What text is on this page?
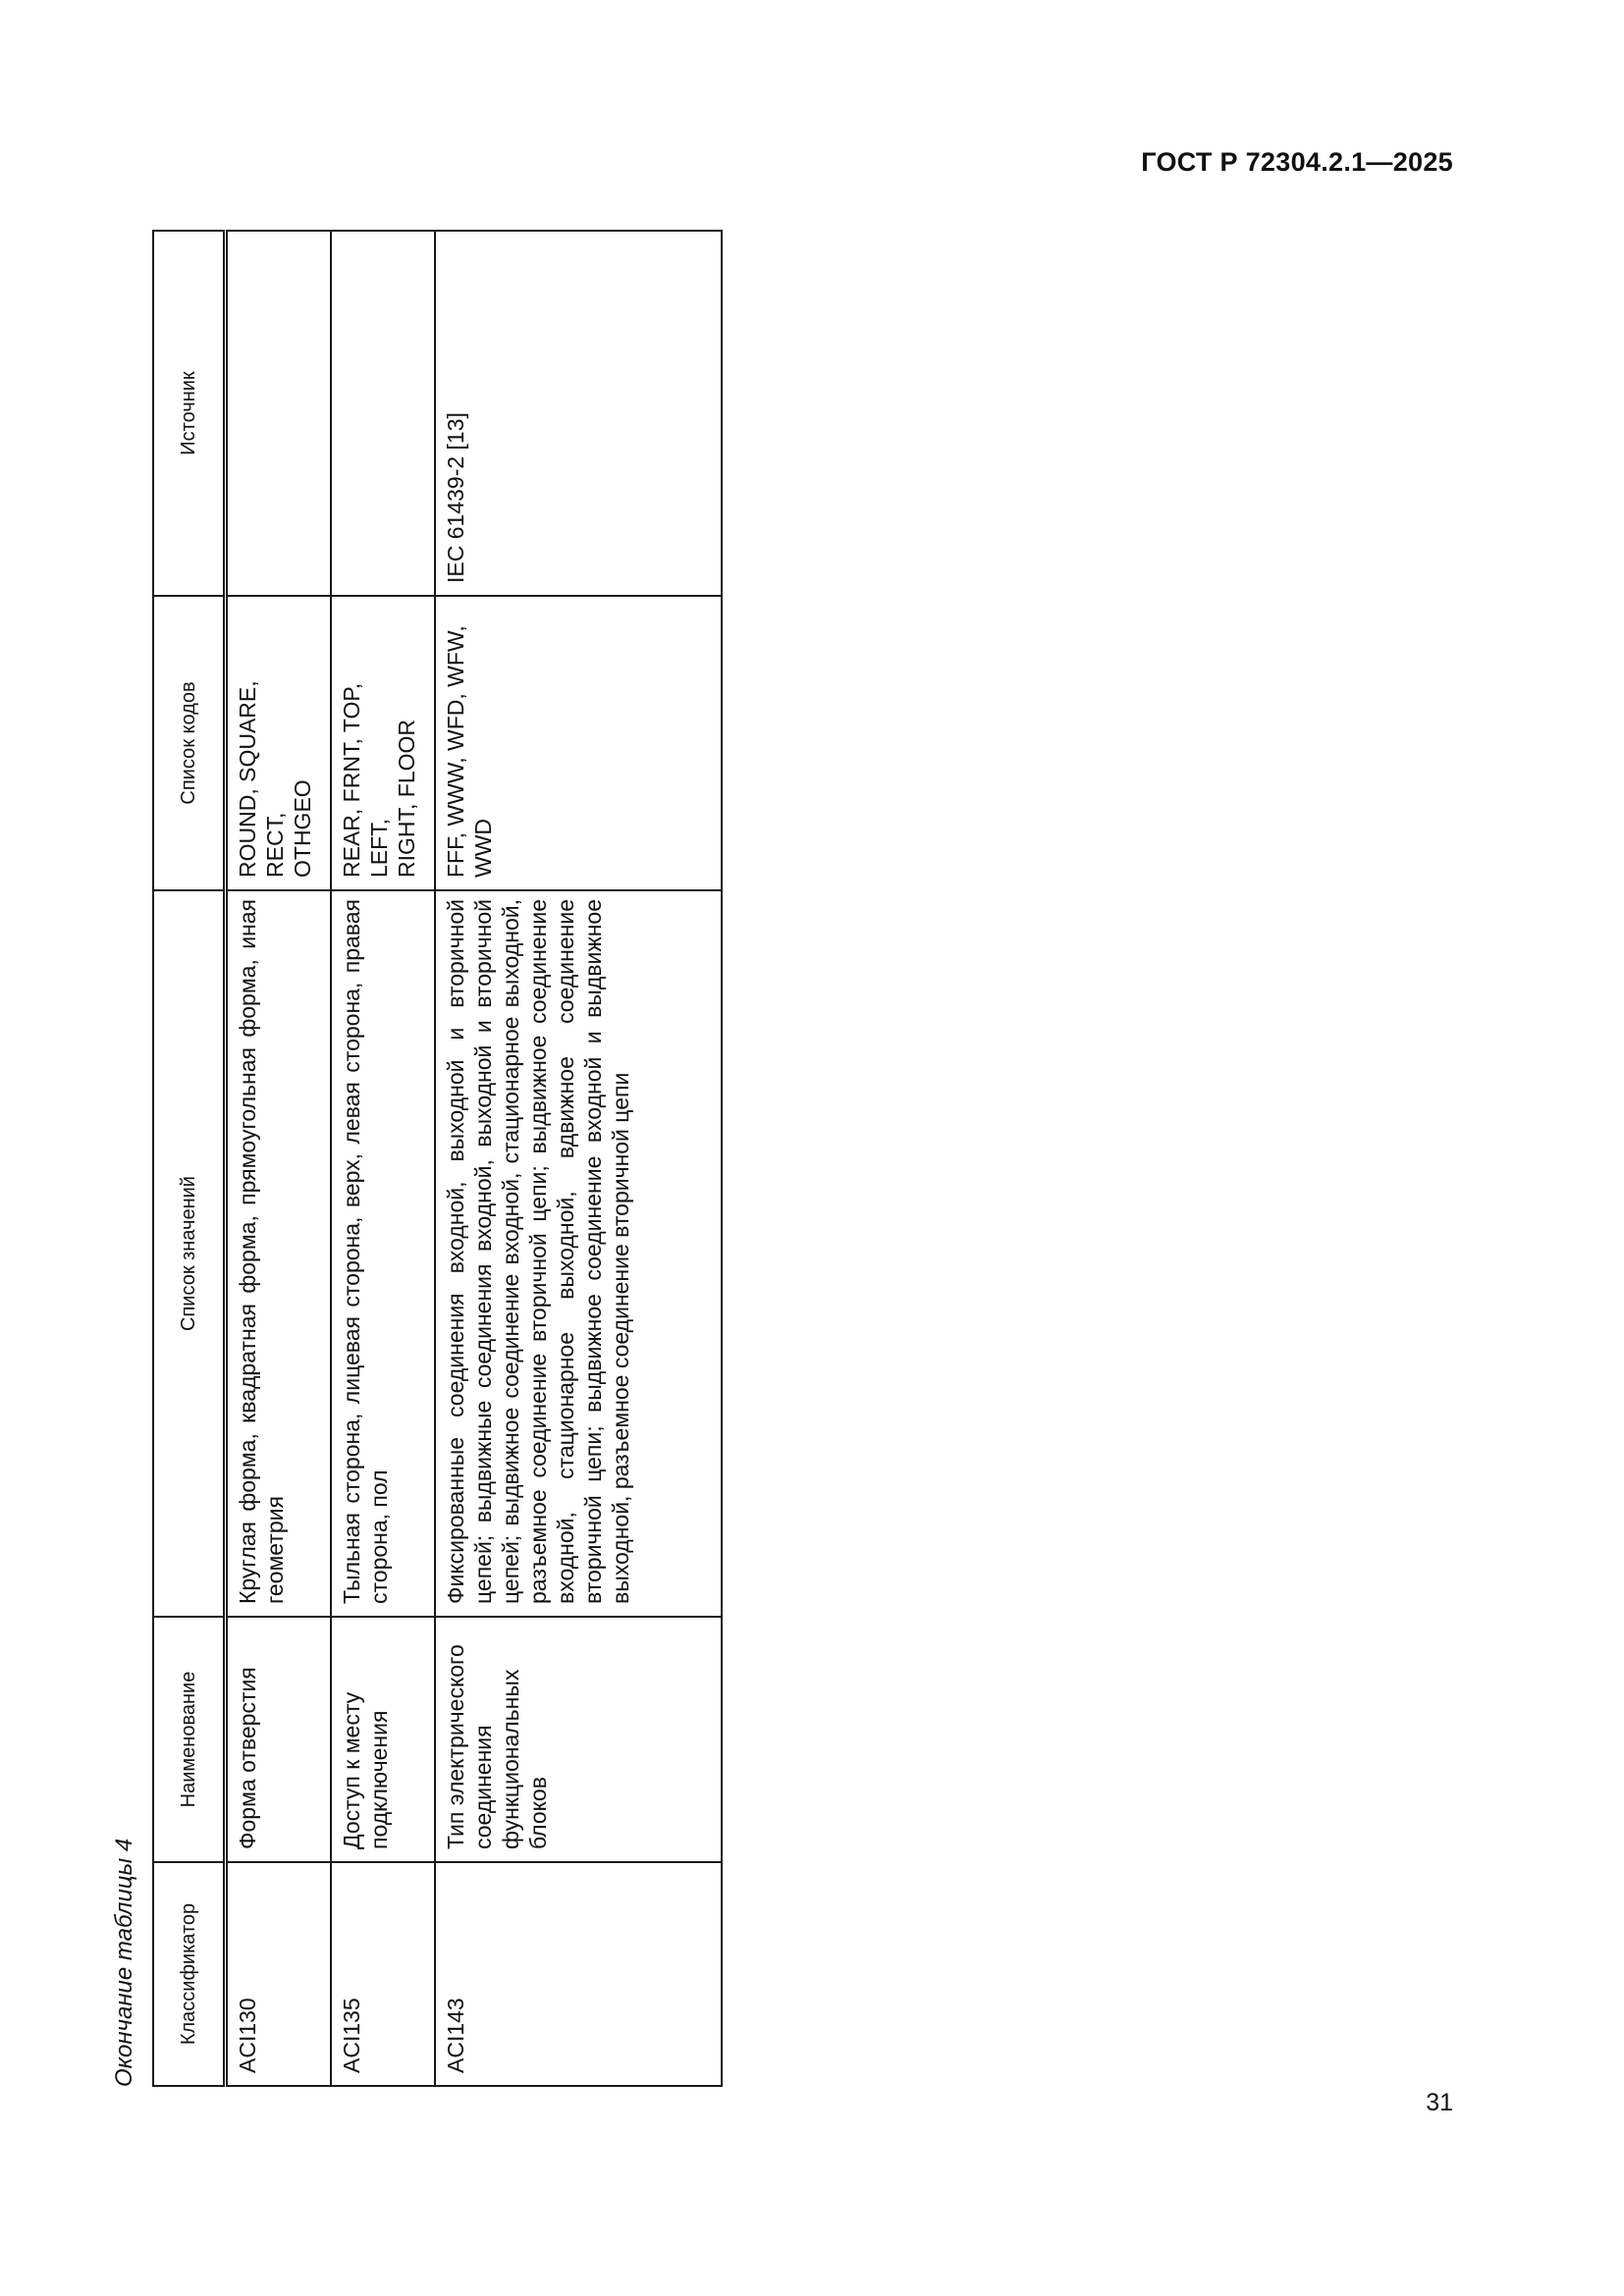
ГОСТ Р 72304.2.1—2025
Окончание таблицы 4	Классификатор	Наименование	Список значений	Список кодов	Источник
ACI130	Форма отверстия	Круглая форма, квадратная форма, прямоугольная форма, иная геометрия	ROUND, SQUARE, RECT, OTHGEO	

ACI135	Доступ к месту подключения	Тыльная сторона, лицевая сторона, верх, левая сторона, правая сторона, пол	REAR, FRNT, TOP, LEFT, RIGHT, FLOOR	

ACI143	Тип электрического соединения функциональных блоков	Фиксированные соединения входной, выходной и вторичной цепей; выдвижные соединения входной, выходной и вторичной цепей; выдвижное соединение входной, стационарное выходной, разъемное соединение вторичной цепи; выдвижное соединение входной, стационарное выходной, вдвижное соединение вторичной цепи; выдвижное соединение входной и выдвижное выходной, разъемное соединение вторичной цепи	FFF, WWW, WFD, WFW, WWD	IEC 61439-2 [13]
31
